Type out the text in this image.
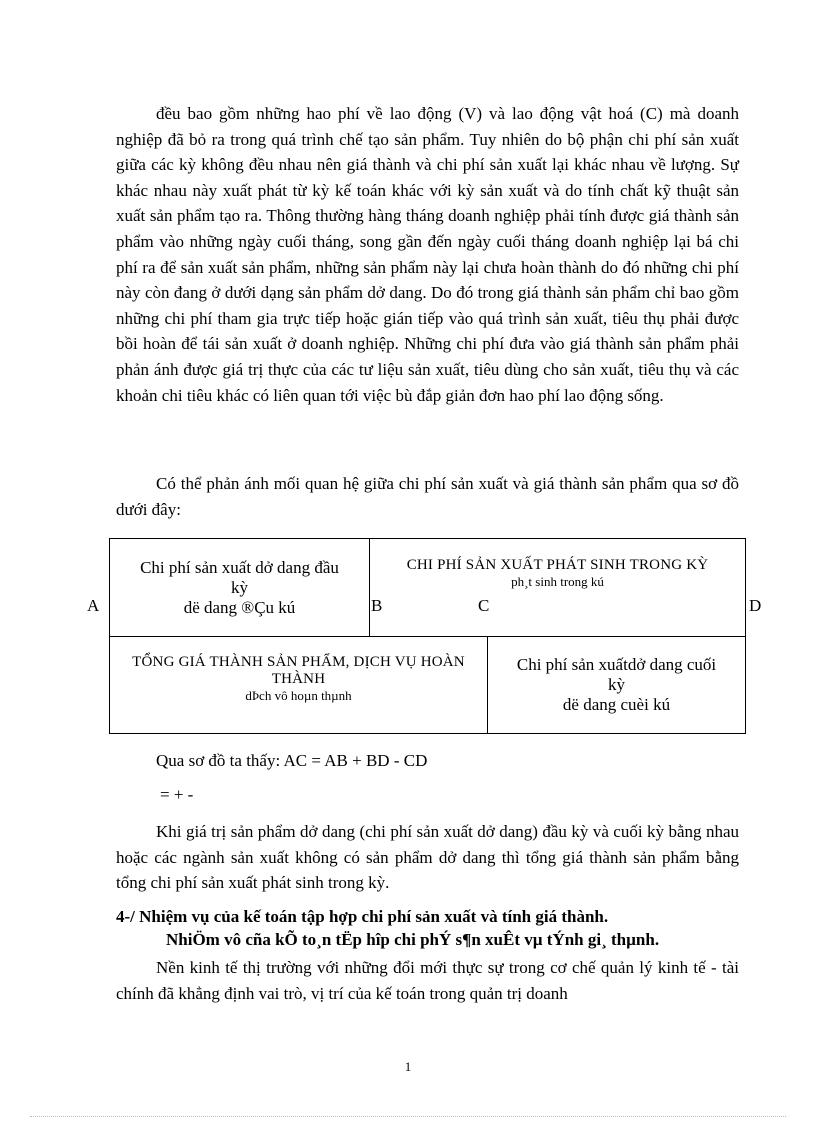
đều bao gồm những hao phí về lao động (V) và lao động vật hoá (C) mà doanh nghiệp đã bỏ ra trong quá trình chế tạo sản phẩm. Tuy nhiên do bộ phận chi phí sản xuất giữa các kỳ không đều nhau nên giá thành và chi phí sản xuất lại khác nhau về lượng. Sự khác nhau này xuất phát từ kỳ kế toán khác với kỳ sản xuất và do tính chất kỹ thuật sản xuất sản phẩm tạo ra. Thông thường hàng tháng doanh nghiệp phải tính được giá thành sản phẩm vào những ngày cuối tháng, song gần đến ngày cuối tháng doanh nghiệp lại bá chi phí ra để sản xuất sản phẩm, những sản phẩm này lại chưa hoàn thành do đó những chi phí này còn đang ở dưới dạng sản phẩm dở dang. Do đó trong giá thành sản phẩm chỉ bao gồm những chi phí tham gia trực tiếp hoặc gián tiếp vào quá trình sản xuất, tiêu thụ phải được bồi hoàn để tái sản xuất ở doanh nghiệp. Những chi phí đưa vào giá thành sản phẩm phải phản ánh được giá trị thực của các tư liệu sản xuất, tiêu dùng cho sản xuất, tiêu thụ và các khoản chi tiêu khác có liên quan tới việc bù đắp giản đơn hao phí lao động sống.

Có thể phản ánh mối quan hệ giữa chi phí sản xuất và giá thành sản phẩm qua sơ đồ dưới đây:

Chi phí sản xuất dở dang đầu
kỳ
dë dang ®Çu kú
CHI PHÍ SẢN XUẤT PHÁT SINH TRONG KỲ
ph¸t sinh trong kú
TỔNG GIÁ THÀNH SẢN PHẨM, DỊCH VỤ HOÀN
THÀNH
dÞch vô hoµn thµnh
Chi phí sản xuấtdở dang cuối
kỳ
dë dang cuèi kú
A	B	C	D

Qua sơ đồ ta thấy: AC = AB + BD - CD

= + -

Khi giá trị sản phẩm dở dang (chi phí sản xuất dở dang) đầu kỳ và cuối kỳ bằng nhau hoặc các ngành sản xuất không có sản phẩm dở dang thì tổng giá thành sản phẩm bằng tổng chi phí sản xuất phát sinh trong kỳ.

4-/ Nhiệm vụ của kế toán tập hợp chi phí sản xuất và tính giá thành.

NhiÖm vô cña kÕ to¸n tËp hîp chi phÝ s¶n xuÊt vµ tÝnh gi¸ thµnh.

Nền kinh tế thị trường với những đổi mới thực sự trong cơ chế quản lý kinh tế - tài chính đã khẳng định vai trò, vị trí của kế toán trong quản trị doanh

1
